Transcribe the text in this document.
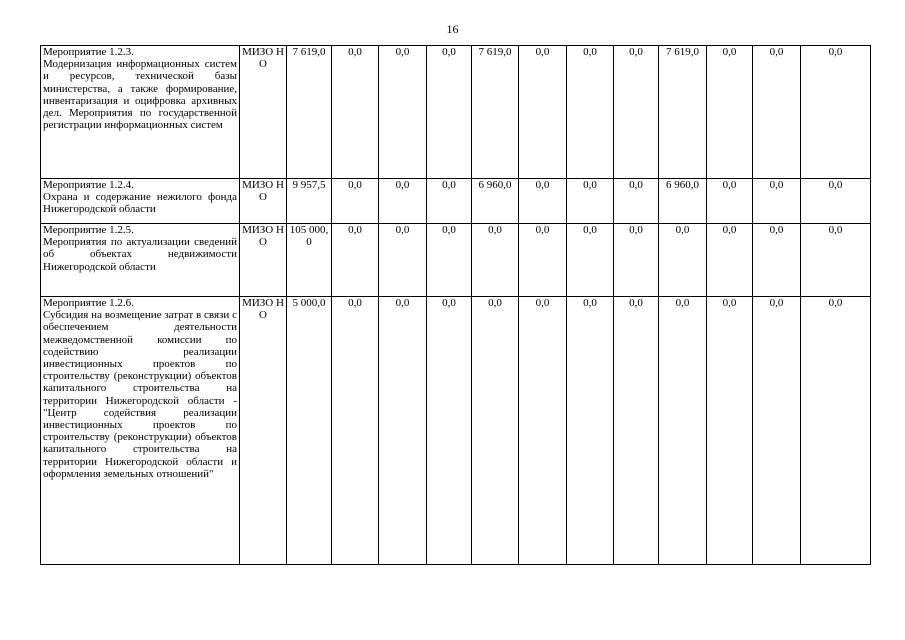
16
Мероприятие 1.2.3.
Модернизация информационных систем и ресурсов, технической базы министерства, а также формирование, инвентаризация и оцифровка архивных дел. Мероприятия по государственной регистрации информационных систем	МИЗО НО	7 619,0	0,0	0,0	0,0	7 619,0	0,0	0,0	0,0	7 619,0	0,0	0,0	0,0

Мероприятие 1.2.4.
Охрана и содержание нежилого фонда Нижегородской области	МИЗО НО	9 957,5	0,0	0,0	0,0	6 960,0	0,0	0,0	0,0	6 960,0	0,0	0,0	0,0

Мероприятие 1.2.5.
Мероприятия по актуализации сведений об объектах недвижимости Нижегородской области	МИЗО НО	105 000,0	0,0	0,0	0,0	0,0	0,0	0,0	0,0	0,0	0,0	0,0	0,0

Мероприятие 1.2.6.
Субсидия на возмещение затрат в связи с обеспечением деятельности межведомственной комиссии по содействию реализации инвестиционных проектов по строительству (реконструкции) объектов капитального строительства на территории Нижегородской области - "Центр содействия реализации инвестиционных проектов по строительству (реконструкции) объектов капитального строительства на территории Нижегородской области и оформления земельных отношений"	МИЗО НО	5 000,0	0,0	0,0	0,0	0,0	0,0	0,0	0,0	0,0	0,0	0,0	0,0
